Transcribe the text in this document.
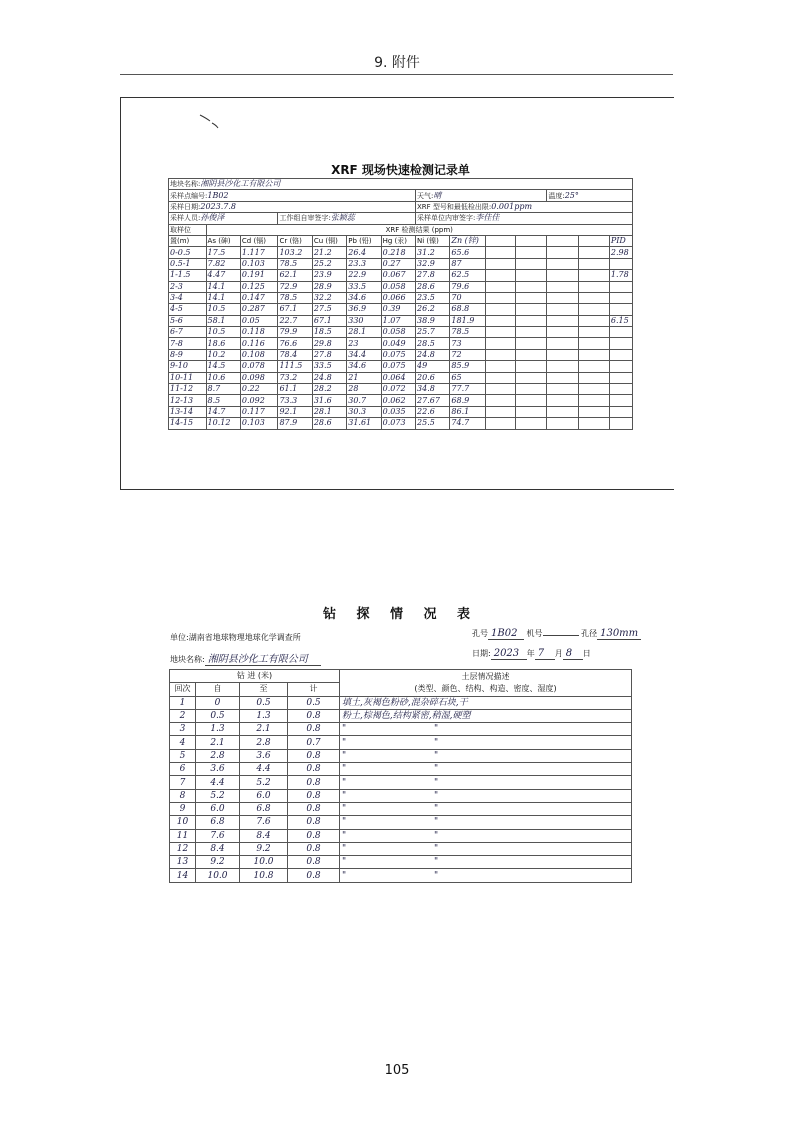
9. 附件
XRF 现场快速检测记录单
地块名称:湘阴县沙化工有限公司													
采样点编号:1B02							天气:晴				温度:25°		
采样日期:2023.7.8							XRF 型号和最低检出限:0.001ppm						
采样人员:孙俊泽			工作组自审签字:张颖蕊				采样单位内审签字:李佳佳						
取样位	XRF 检测结果 (ppm)												
置(m)	As (砷)	Cd (镉)	Cr (铬)	Cu (铜)	Pb (铅)	Hg (汞)	Ni (镍)	Zn (锌)					PID
0-0.5	17.5	1.117	103.2	21.2	26.4	0.218	31.2	65.6					2.98
0.5-1	7.82	0.103	78.5	25.2	23.3	0.27	32.9	87					
1-1.5	4.47	0.191	62.1	23.9	22.9	0.067	27.8	62.5					1.78
2-3	14.1	0.125	72.9	28.9	33.5	0.058	28.6	79.6					
3-4	14.1	0.147	78.5	32.2	34.6	0.066	23.5	70					
4-5	10.5	0.287	67.1	27.5	36.9	0.39	26.2	68.8					
5-6	58.1	0.05	22.7	67.1	330	1.07	38.9	181.9					6.15
6-7	10.5	0.118	79.9	18.5	28.1	0.058	25.7	78.5					
7-8	18.6	0.116	76.6	29.8	23	0.049	28.5	73					
8-9	10.2	0.108	78.4	27.8	34.4	0.075	24.8	72					
9-10	14.5	0.078	111.5	33.5	34.6	0.075	49	85.9					
10-11	10.6	0.098	73.2	24.8	21	0.064	20.6	65					
11-12	8.7	0.22	61.1	28.2	28	0.072	34.8	77.7					
12-13	8.5	0.092	73.3	31.6	30.7	0.062	27.67	68.9					
13-14	14.7	0.117	92.1	28.1	30.3	0.035	22.6	86.1					
14-15	10.12	0.103	87.9	28.6	31.61	0.073	25.5	74.7					
钻 探 情 况 表
单位:湖南省地球物理地球化学调查所	孔号 1B02 机号	孔径 130mm
地块名称: 湘阴县沙化工有限公司
日期: 2023 年 7 月 8 日
钻 进 (米)				土层情况描述
(类型、颜色、结构、构造、密度、湿度)
回次	自	至	计	
1	0	0.5	0.5	填土,灰褐色粉砂,混杂碎石块,干
2	0.5	1.3	0.8	粉土,棕褐色,结构紧密,稍湿,硬塑
3	1.3	2.1	0.8	" "
4	2.1	2.8	0.7	" "
5	2.8	3.6	0.8	" "
6	3.6	4.4	0.8	" "
7	4.4	5.2	0.8	" "
8	5.2	6.0	0.8	" "
9	6.0	6.8	0.8	" "
10	6.8	7.6	0.8	" "
11	7.6	8.4	0.8	" "
12	8.4	9.2	0.8	" "
13	9.2	10.0	0.8	" "
14	10.0	10.8	0.8	" "
105
